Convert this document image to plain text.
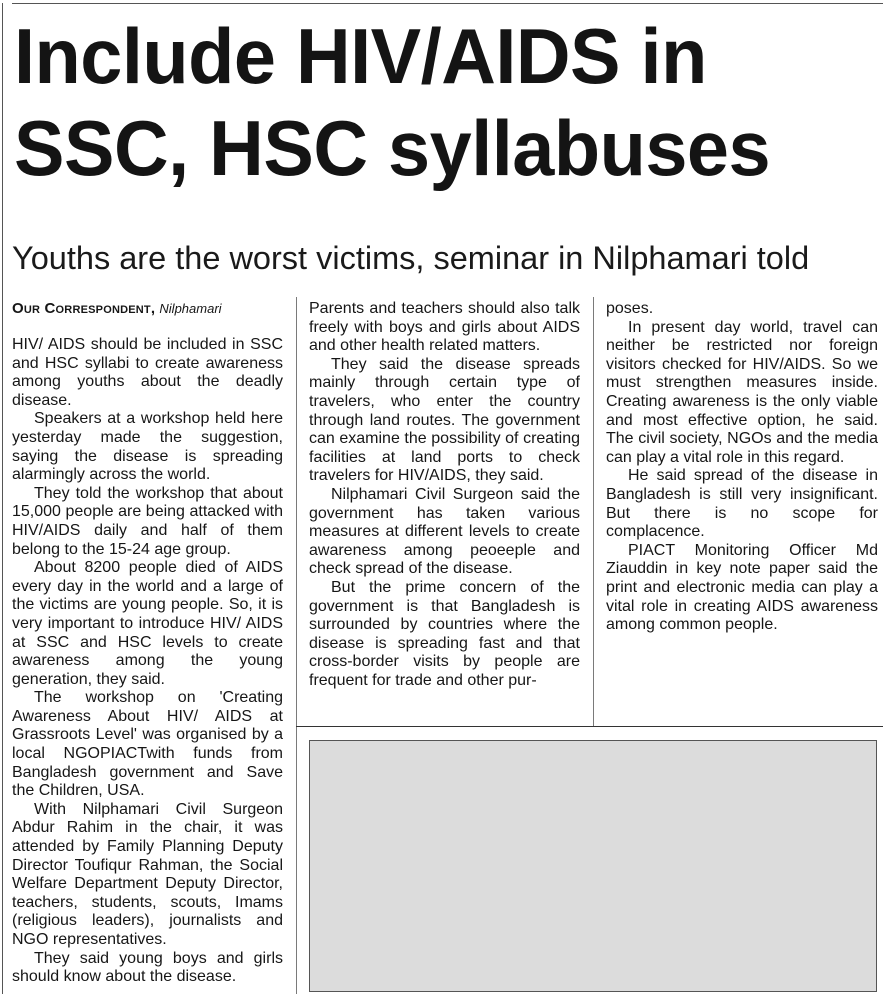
Include HIV/AIDS in SSC, HSC syllabuses
Youths are the worst victims, seminar in Nilphamari told
Our Correspondent, Nilphamari

HIV/ AIDS should be included in SSC and HSC syllabi to create awareness among youths about the deadly disease.

Speakers at a workshop held here yesterday made the suggestion, saying the disease is spreading alarmingly across the world.

They told the workshop that about 15,000 people are being attacked with HIV/AIDS daily and half of them belong to the 15-24 age group.

About 8200 people died of AIDS every day in the world and a large of the victims are young people. So, it is very important to introduce HIV/ AIDS at SSC and HSC levels to create awareness among the young generation, they said.

The workshop on 'Creating Awareness About HIV/ AIDS at Grassroots Level' was organised by a local NGOPIACTwith funds from Bangladesh government and Save the Children, USA.

With Nilphamari Civil Surgeon Abdur Rahim in the chair, it was attended by Family Planning Deputy Director Toufiqur Rahman, the Social Welfare Department Deputy Director, teachers, students, scouts, Imams (religious leaders), journalists and NGO representatives.

They said young boys and girls should know about the disease.

Parents and teachers should also talk freely with boys and girls about AIDS and other health related matters.

They said the disease spreads mainly through certain type of travelers, who enter the country through land routes. The government can examine the possibility of creating facilities at land ports to check travelers for HIV/AIDS, they said.

Nilphamari Civil Surgeon said the government has taken various measures at different levels to create awareness among peoeeple and check spread of the disease.

But the prime concern of the government is that Bangladesh is surrounded by countries where the disease is spreading fast and that cross-border visits by people are frequent for trade and other pur-

poses.

In present day world, travel can neither be restricted nor foreign visitors checked for HIV/AIDS. So we must strengthen measures inside. Creating awareness is the only viable and most effective option, he said. The civil society, NGOs and the media can play a vital role in this regard.

He said spread of the disease in Bangladesh is still very insignificant. But there is no scope for complacence.

PIACT Monitoring Officer Md Ziauddin in key note paper said the print and electronic media can play a vital role in creating AIDS awareness among common people.
